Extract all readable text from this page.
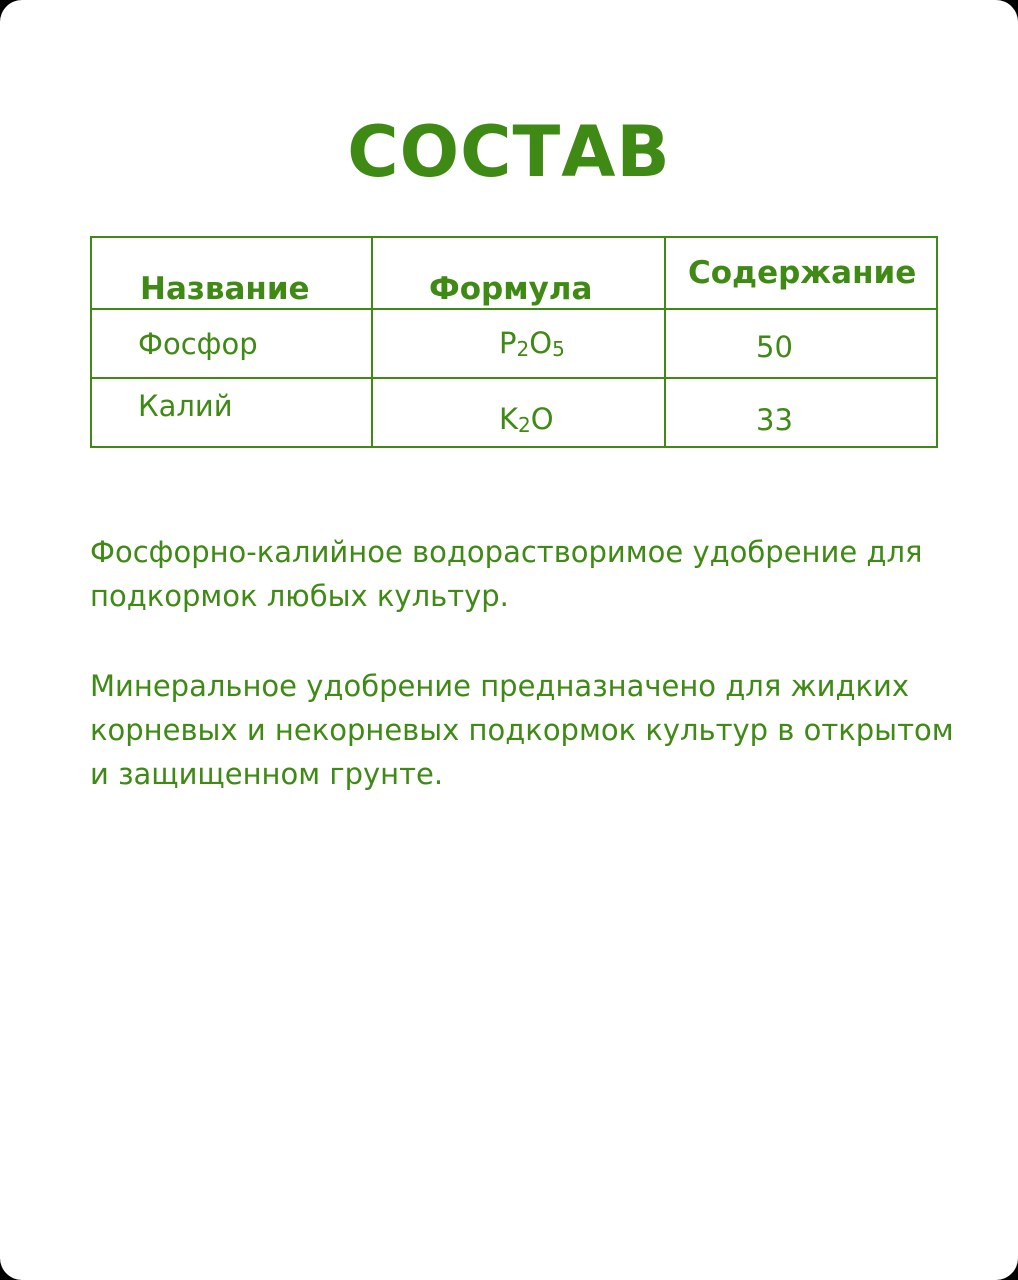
СОСТАВ
Название	Формула	Содержание
Фосфор	$P_2O_5$	50
Калий	$K_2O$	33

Фосфорно-калийное водорастворимое удобрение для подкормок любых культур.

Минеральное удобрение предназначено для жидких корневых и некорневых подкормок культур в открытом и защищенном грунте.
